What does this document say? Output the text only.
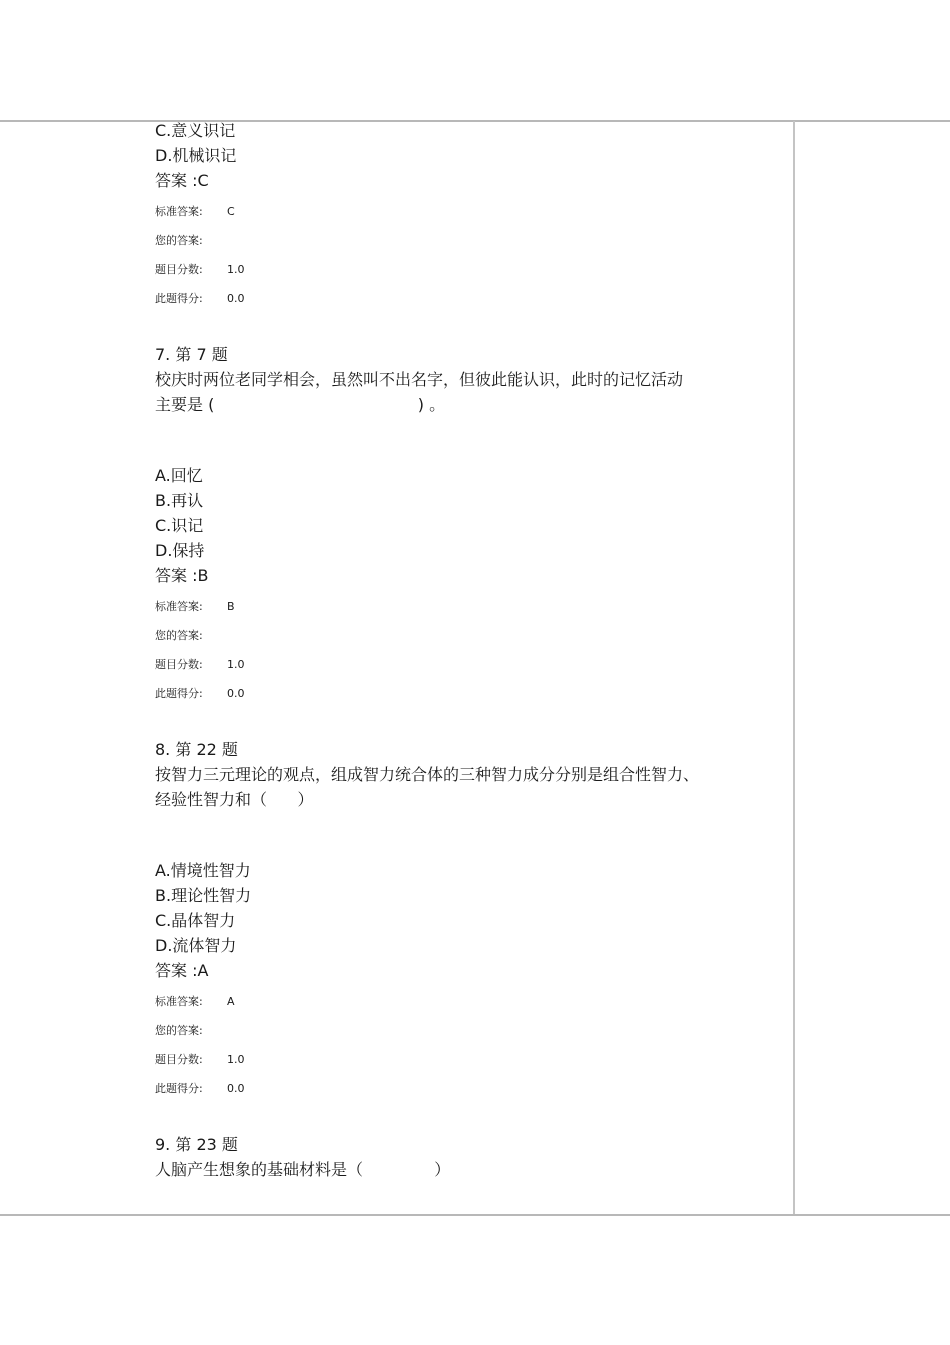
C.意义识记
D.机械识记
答案 :C
标准答案:	C
您的答案:
题目分数:	1.0
此题得分:	0.0
7. 第 7 题
校庆时两位老同学相会，虽然叫不出名字，但彼此能认识，此时的记忆活动
主要是 (                                        ) 。
A.回忆
B.再认
C.识记
D.保持
答案 :B
标准答案:	B
您的答案:
题目分数:	1.0
此题得分:	0.0
8. 第 22 题
按智力三元理论的观点，组成智力统合体的三种智力成分分别是组合性智力、
经验性智力和（      ）
A.情境性智力
B.理论性智力
C.晶体智力
D.流体智力
答案 :A
标准答案:	A
您的答案:
题目分数:	1.0
此题得分:	0.0
9. 第 23 题
人脑产生想象的基础材料是（              ）
